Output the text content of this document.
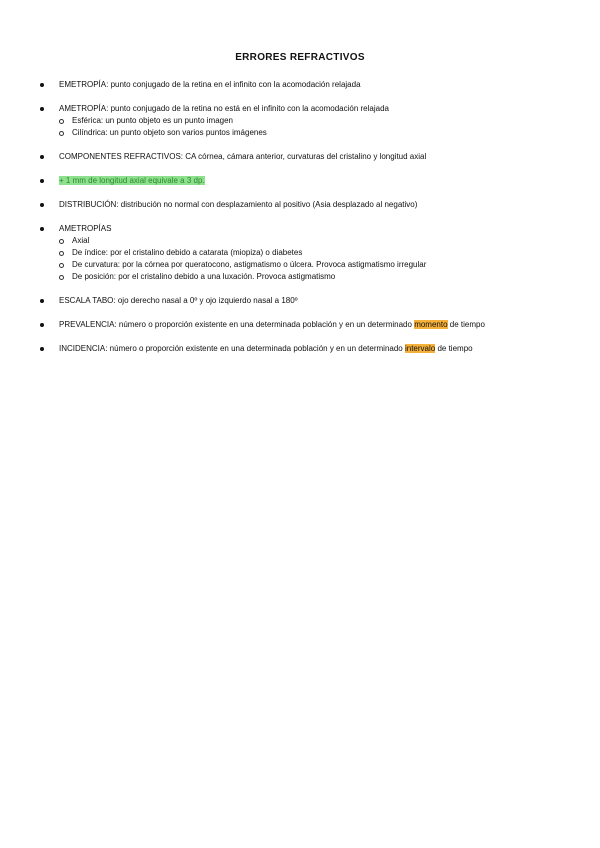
ERRORES REFRACTIVOS
EMETROPÍA: punto conjugado de la retina en el infinito con la acomodación relajada
AMETROPÍA: punto conjugado de la retina no está en el infinito con la acomodación relajada
Esférica: un punto objeto es un punto imagen
Cilíndrica: un punto objeto son varios puntos imágenes
COMPONENTES REFRACTIVOS: CA córnea, cámara anterior, curvaturas del cristalino y longitud axial
+ 1 mm de longitud axial equivale a 3 dp.
DISTRIBUCIÓN: distribución no normal con desplazamiento al positivo (Asia desplazado al negativo)
AMETROPÍAS
Axial
De índice: por el cristalino debido a catarata (miopiza) o diabetes
De curvatura: por la córnea por queratocono, astigmatismo o úlcera. Provoca astigmatismo irregular
De posición: por el cristalino debido a una luxación. Provoca astigmatismo
ESCALA TABO: ojo derecho nasal a 0º y ojo izquierdo nasal a 180º
PREVALENCIA: número o proporción existente en una determinada población y en un determinado momento de tiempo
INCIDENCIA: número o proporción existente en una determinada población y en un determinado intervalo de tiempo
